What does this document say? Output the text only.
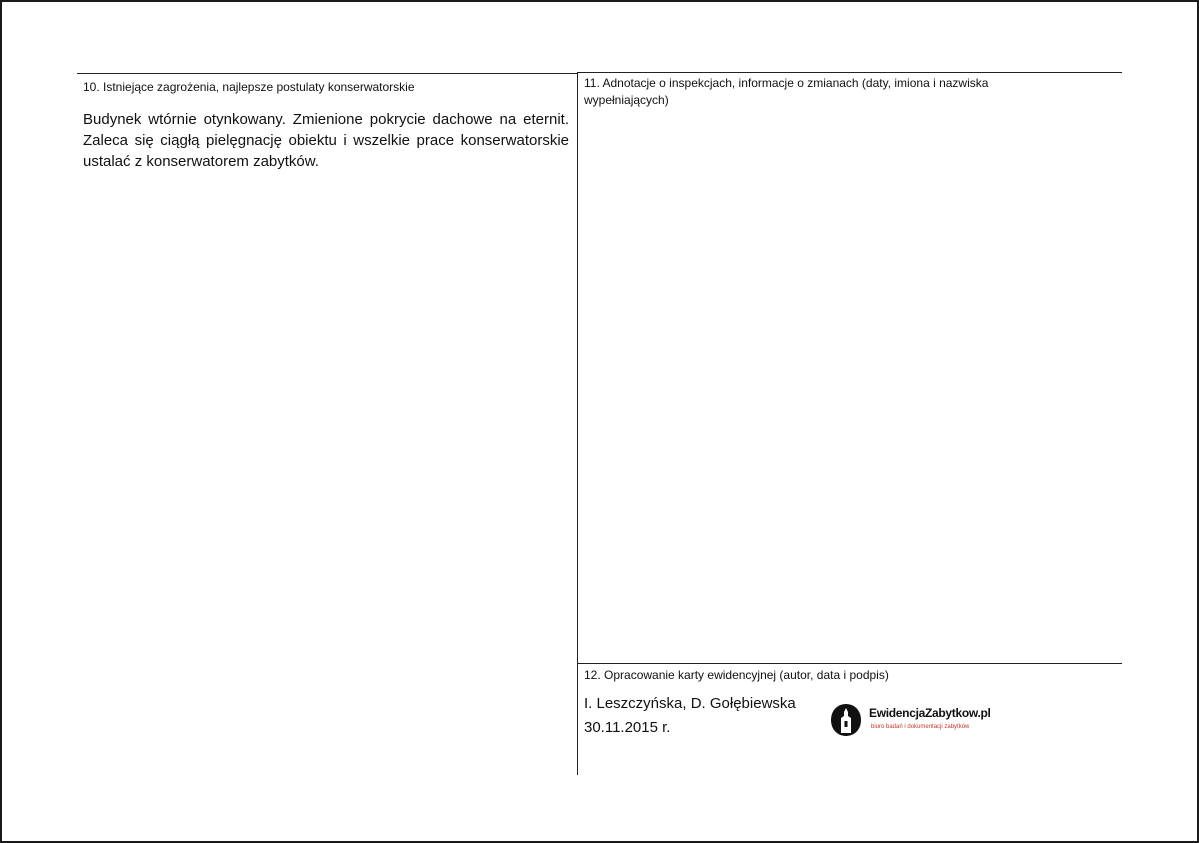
10. Istniejące zagrożenia, najlepsze postulaty konserwatorskie
Budynek wtórnie otynkowany. Zmienione pokrycie dachowe na eternit. Zaleca się ciągłą pielęgnację obiektu i wszelkie prace konserwatorskie ustalać z konserwatorem zabytków.
11. Adnotacje o inspekcjach, informacje o zmianach (daty, imiona i nazwiska wypełniających)
12. Opracowanie karty ewidencyjnej (autor, data i podpis)
I. Leszczyńska, D. Gołębiewska
30.11.2015 r.
EwidencjaZabytkow.pl
biuro badań i dokumentacji zabytków
